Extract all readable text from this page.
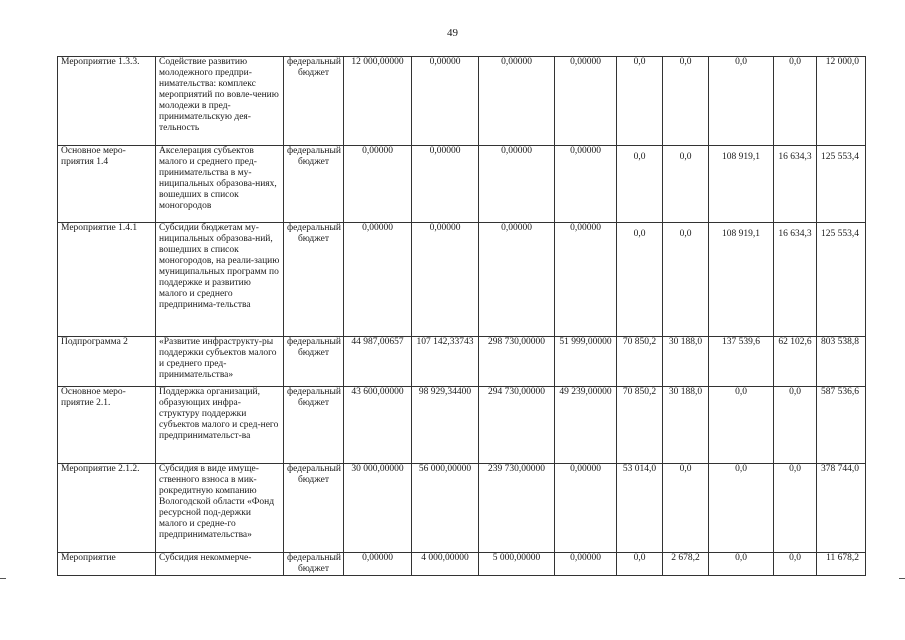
49
Мероприятие 1.3.3.	Содействие развитию молодежного предпри-нимательства: комплекс мероприятий по вовле-чению молодежи в пред-принимательскую дея-тельность	федеральный бюджет	12 000,00000	0,00000	0,00000	0,00000	0,0	0,0	0,0	0,0	12 000,0
Основное меро-приятия 1.4	Акселерация субъектов малого и среднего пред-принимательства в му-ниципальных образова-ниях, вошедших в список моногородов	федеральный бюджет	0,00000	0,00000	0,00000	0,00000	0,0	0,0	108 919,1	16 634,3	125 553,4
Мероприятие 1.4.1	Субсидии бюджетам му-ниципальных образова-ний, вошедших в список моногородов, на реали-зацию муниципальных программ по поддержке и развитию малого и среднего предпринима-тельства	федеральный бюджет	0,00000	0,00000	0,00000	0,00000	0,0	0,0	108 919,1	16 634,3	125 553,4
Подпрограмма 2	«Развитие инфраструкту-ры поддержки субъектов малого и среднего пред-принимательства»	федеральный бюджет	44 987,00657	107 142,33743	298 730,00000	51 999,00000	70 850,2	30 188,0	137 539,6	62 102,6	803 538,8
Основное меро-приятие 2.1.	Поддержка организаций, образующих инфра-структуру поддержки субъектов малого и сред-него предпринимательст-ва	федеральный бюджет	43 600,00000	98 929,34400	294 730,00000	49 239,00000	70 850,2	30 188,0	0,0	0,0	587 536,6
Мероприятие 2.1.2.	Субсидия в виде имуще-ственного взноса в мик-рокредитную компанию Вологодской области «Фонд ресурсной под-держки малого и средне-го предпринимательства»	федеральный бюджет	30 000,00000	56 000,00000	239 730,00000	0,00000	53 014,0	0,0	0,0	0,0	378 744,0
Мероприятие	Субсидия некоммерче-	федеральный бюджет	0,00000	4 000,00000	5 000,00000	0,00000	0,0	2 678,2	0,0	0,0	11 678,2
